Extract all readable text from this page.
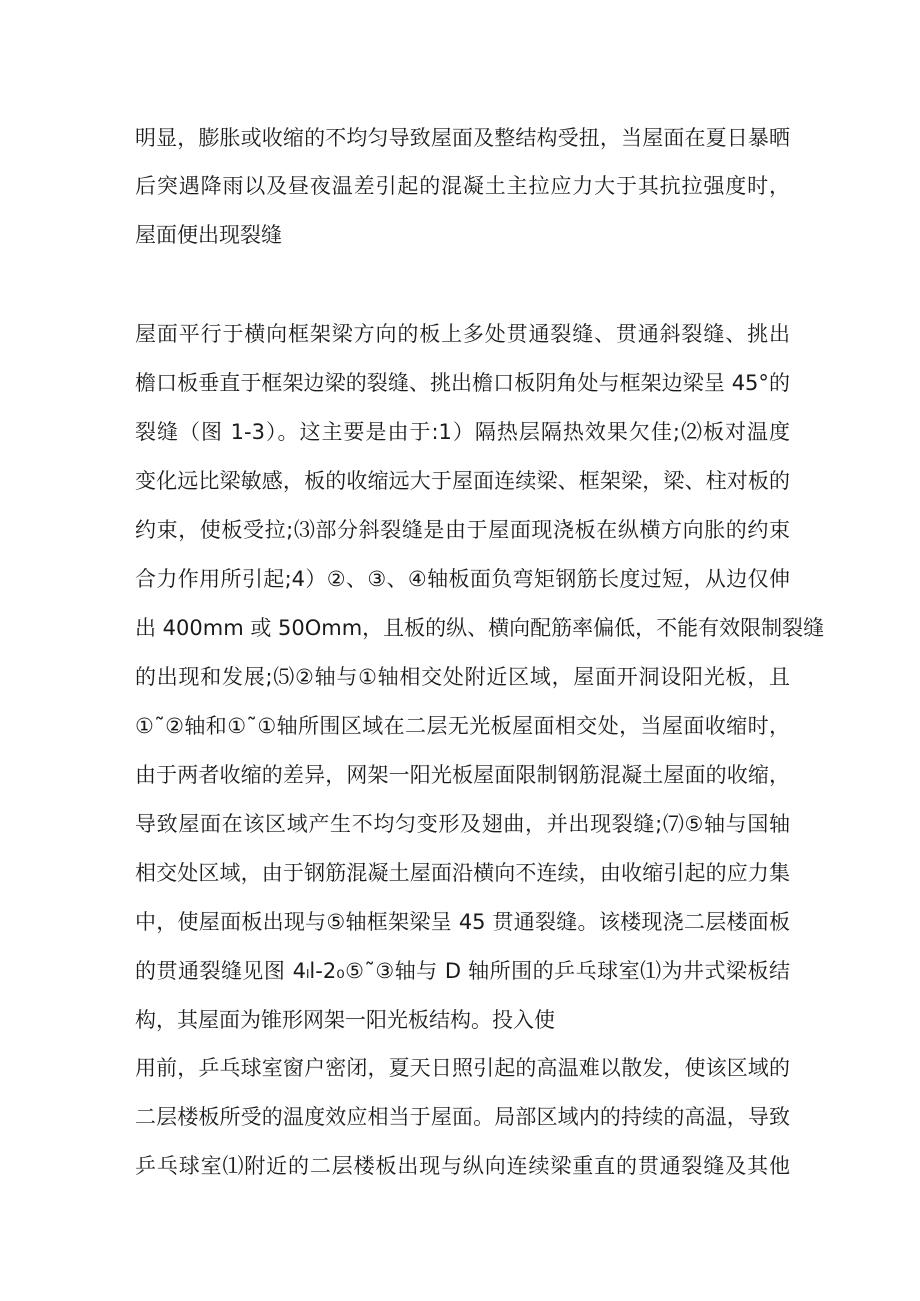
明显，膨胀或收缩的不均匀导致屋面及整结构受扭，当屋面在夏日暴晒
后突遇降雨以及昼夜温差引起的混凝土主拉应力大于其抗拉强度时，
屋面便出现裂缝
屋面平行于横向框架梁方向的板上多处贯通裂缝、贯通斜裂缝、挑出
檐口板垂直于框架边梁的裂缝、挑出檐口板阴角处与框架边梁呈 45°的
裂缝（图 1-3）。这主要是由于:1）隔热层隔热效果欠佳;⑵板对温度
变化远比梁敏感，板的收缩远大于屋面连续梁、框架梁，梁、柱对板的
约束，使板受拉;⑶部分斜裂缝是由于屋面现浇板在纵横方向胀的约束
合力作用所引起;4）②、③、④轴板面负弯矩钢筋长度过短，从边仅伸
出 400mm 或 50Omm，且板的纵、横向配筋率偏低，不能有效限制裂缝
的出现和发展;⑸②轴与①轴相交处附近区域，屋面开洞设阳光板，且
①˜②轴和①˜①轴所围区域在二层无光板屋面相交处，当屋面收缩时，
由于两者收缩的差异，网架一阳光板屋面限制钢筋混凝土屋面的收缩，
导致屋面在该区域产生不均匀变形及翅曲，并出现裂缝;⑺⑤轴与国轴
相交处区域，由于钢筋混凝土屋面沿横向不连续，由收缩引起的应力集
中，使屋面板出现与⑤轴框架梁呈 45 贯通裂缝。该楼现浇二层楼面板
的贯通裂缝见图 4ₗl-2₀⑤˜③轴与 D 轴所围的乒乓球室⑴为井式梁板结
构，其屋面为锥形网架一阳光板结构。投入使
用前，乒乓球室窗户密闭，夏天日照引起的高温难以散发，使该区域的
二层楼板所受的温度效应相当于屋面。局部区域内的持续的高温，导致
乒乓球室⑴附近的二层楼板出现与纵向连续梁重直的贯通裂缝及其他
